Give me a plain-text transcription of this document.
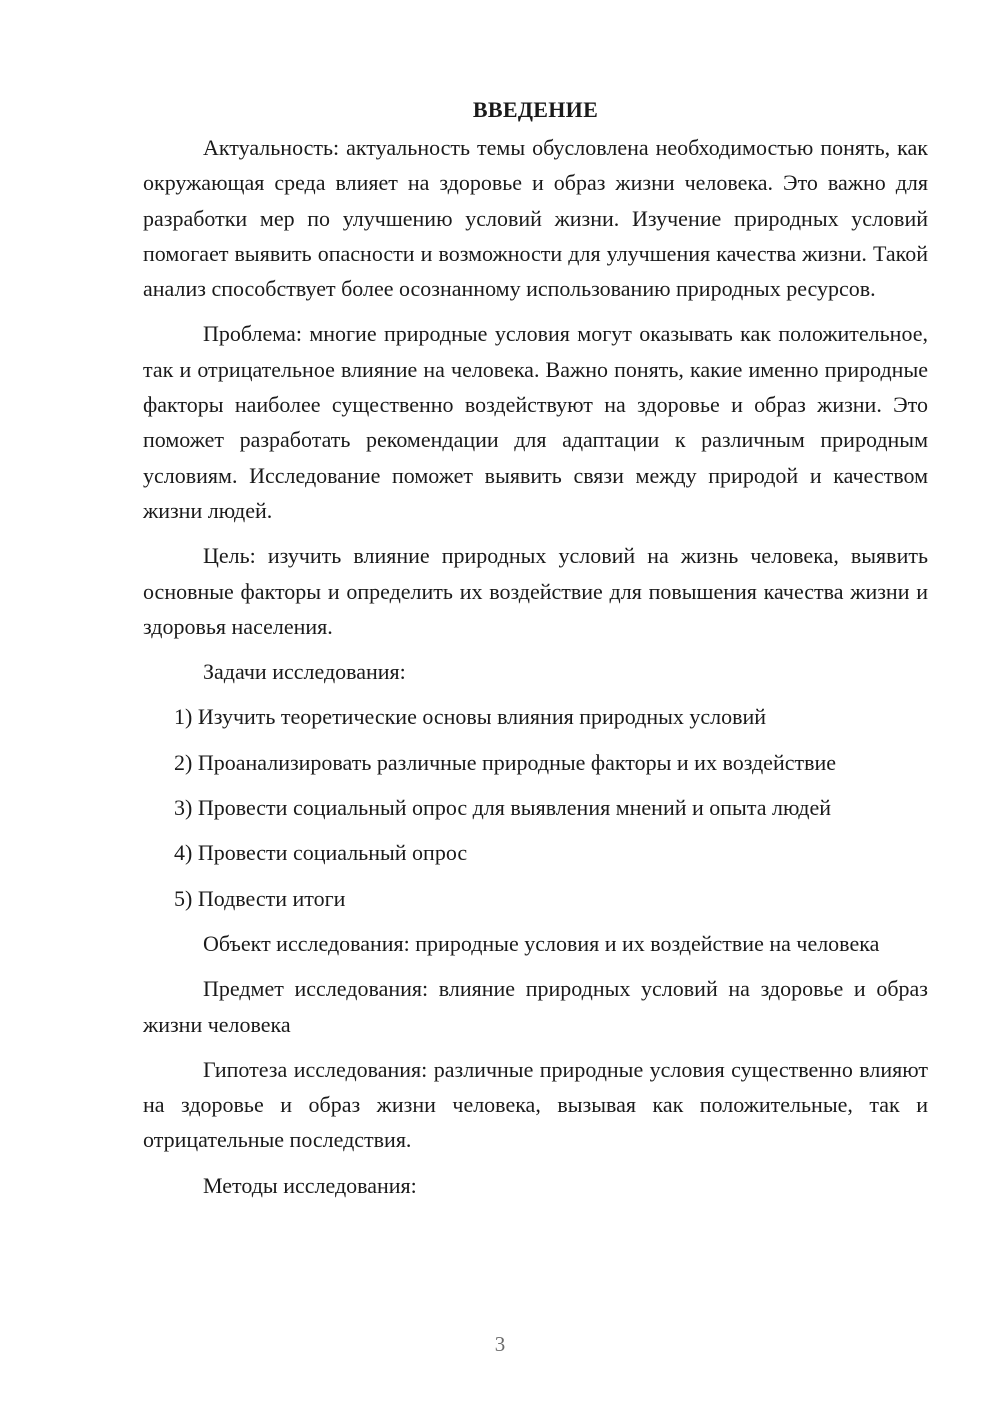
ВВЕДЕНИЕ

Актуальность: актуальность темы обусловлена необходимостью понять, как окружающая среда влияет на здоровье и образ жизни человека. Это важно для разработки мер по улучшению условий жизни. Изучение природных условий помогает выявить опасности и возможности для улучшения качества жизни. Такой анализ способствует более осознанному использованию природных ресурсов.

Проблема: многие природные условия могут оказывать как положительное, так и отрицательное влияние на человека. Важно понять, какие именно природные факторы наиболее существенно воздействуют на здоровье и образ жизни. Это поможет разработать рекомендации для адаптации к различным природным условиям. Исследование поможет выявить связи между природой и качеством жизни людей.

Цель: изучить влияние природных условий на жизнь человека, выявить основные факторы и определить их воздействие для повышения качества жизни и здоровья населения.

Задачи исследования:

1) Изучить теоретические основы влияния природных условий
2) Проанализировать различные природные факторы и их воздействие
3) Провести социальный опрос для выявления мнений и опыта людей
4) Провести социальный опрос
5) Подвести итоги

Объект исследования: природные условия и их воздействие на человека

Предмет исследования: влияние природных условий на здоровье и образ жизни человека

Гипотеза исследования: различные природные условия существенно влияют на здоровье и образ жизни человека, вызывая как положительные, так и отрицательные последствия.

Методы исследования:

3
